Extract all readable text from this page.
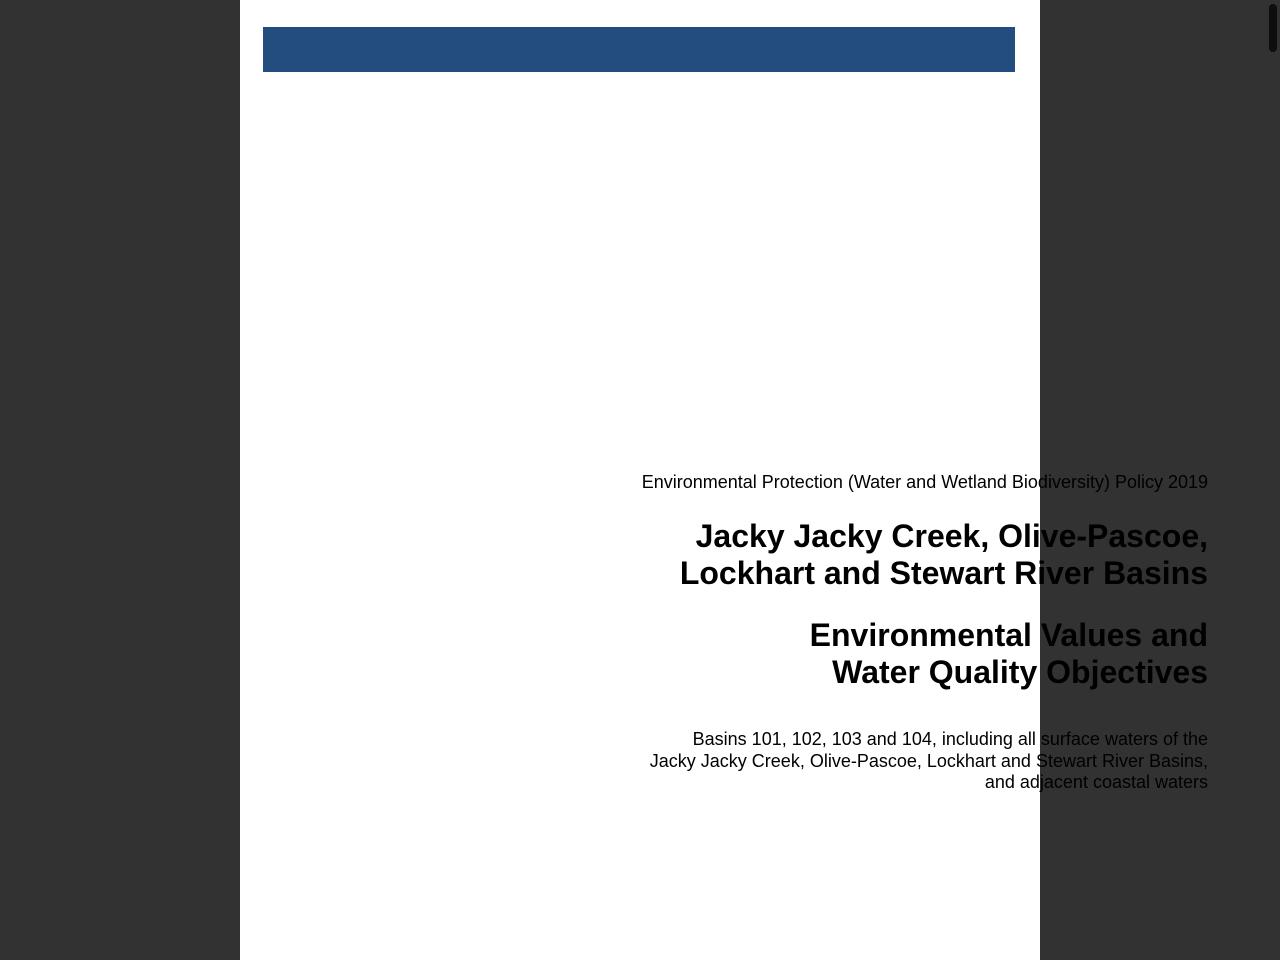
Environmental Protection (Water and Wetland Biodiversity) Policy 2019
Jacky Jacky Creek, Olive-Pascoe,
Lockhart and Stewart River Basins
Environmental Values and
Water Quality Objectives
Basins 101, 102, 103 and 104, including all surface waters of the
Jacky Jacky Creek, Olive-Pascoe, Lockhart and Stewart River Basins,
and adjacent coastal waters
